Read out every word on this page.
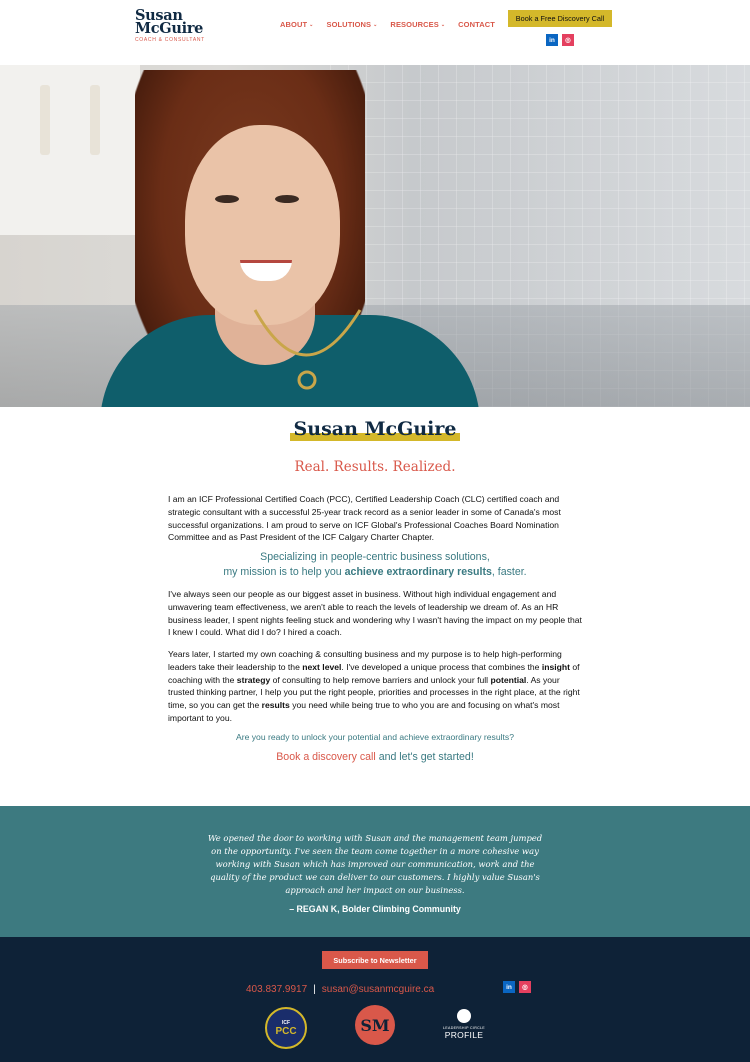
Susan
McGuire
COACH & CONSULTANT
ABOUT ⌄ SOLUTIONS ⌄ RESOURCES ⌄ CONTACT
Book a Free Discovery Call
in	◎
Susan McGuire
Real. Results. Realized.
I am an ICF Professional Certified Coach (PCC), Certified Leadership Coach (CLC) certified coach and strategic consultant with a successful 25-year track record as a senior leader in some of Canada's most successful organizations. I am proud to serve on ICF Global's Professional Coaches Board Nomination Committee and as Past President of the ICF Calgary Charter Chapter.
Specializing in people-centric business solutions,
my mission is to help you achieve extraordinary results, faster.
I've always seen our people as our biggest asset in business. Without high individual engagement and unwavering team effectiveness, we aren't able to reach the levels of leadership we dream of. As an HR business leader, I spent nights feeling stuck and wondering why I wasn't having the impact on my people that I knew I could. What did I do? I hired a coach.
Years later, I started my own coaching & consulting business and my purpose is to help high-performing leaders take their leadership to the next level. I've developed a unique process that combines the insight of coaching with the strategy of consulting to help remove barriers and unlock your full potential. As your trusted thinking partner, I help you put the right people, priorities and processes in the right place, at the right time, so you can get the results you need while being true to who you are and focusing on what's most important to you.
Are you ready to unlock your potential and achieve extraordinary results?
Book a discovery call and let's get started!
We opened the door to working with Susan and the management team jumped on the opportunity. I've seen the team come together in a more cohesive way working with Susan which has improved our communication, work and the quality of the product we can deliver to our customers. I highly value Susan's approach and her impact on our business.
– REGAN K, Bolder Climbing Community
Subscribe to Newsletter
403.837.9917 | susan@susanmcguire.ca	in	◎
ICF
PCC	SM	LEADERSHIP CIRCLE
PROFILE
